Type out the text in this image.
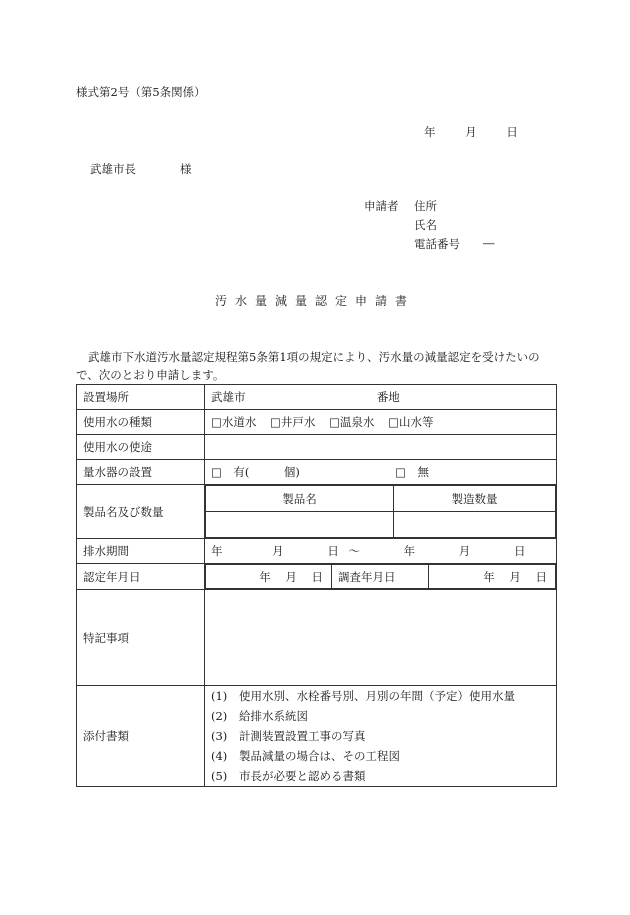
様式第2号（第5条関係）
年	月	日
武雄市長	様
申請者 住所
氏名
電話番号 ―
汚水量減量認定申請書
武雄市下水道汚水量認定規程第5条第1項の規定により、汚水量の減量認定を受けたいので、次のとおり申請します。
設置場所	武雄市	番地
使用水の種類	□水道水 □井戸水 □温泉水 □山水等
使用水の使途	
量水器の設置	□　有(　　　個)	□　無
製品名及び数量	
製品名	製造数量

排水期間	年	月	日 ～	年	月	日
認定年月日		年 月 日	調査年月日	年 月 日

特記事項	
添付書類	
(1) 使用水別、水栓番号別、月別の年間（予定）使用水量
(2) 給排水系統図
(3) 計測装置設置工事の写真
(4) 製品減量の場合は、その工程図
(5) 市長が必要と認める書類
